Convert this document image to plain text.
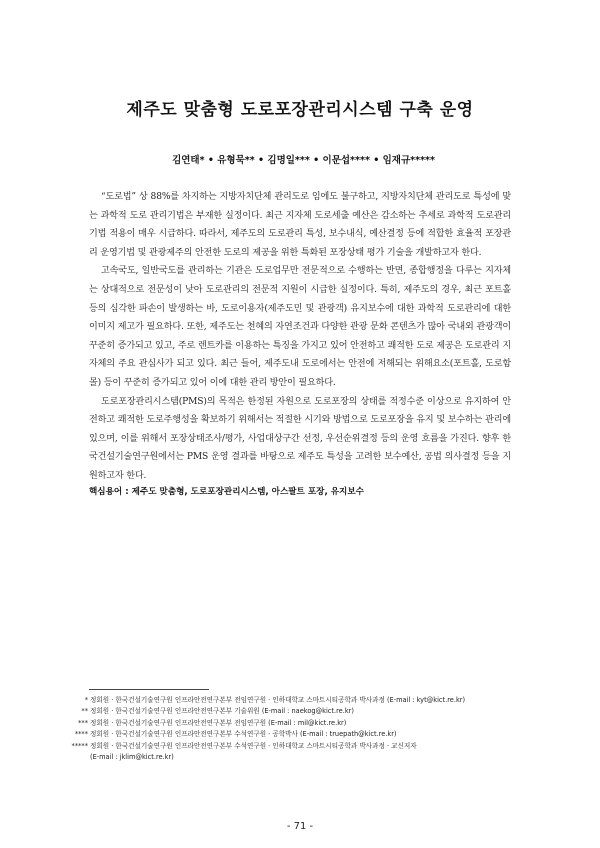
제주도 맞춤형 도로포장관리시스템 구축 운영
김연태* • 유형묵** • 김명일*** • 이문섭**** • 임재규*****

“도로법” 상 88%를 차지하는 지방자치단체 관리도로 임에도 불구하고, 지방자치단체 관리도로 특성에 맞는 과학적 도로 관리기법은 부재한 실정이다. 최근 지자체 도로세출 예산은 감소하는 추세로 과학적 도로관리 기법 적용이 매우 시급하다. 따라서, 제주도의 도로관리 특성, 보수내식, 예산결정 등에 적합한 효율적 포장관리 운영기법 및 관광제주의 안전한 도로의 제공을 위한 특화된 포장상태 평가 기술을 개발하고자 한다.

고속국도, 일반국도를 관리하는 기관은 도로업무만 전문적으로 수행하는 반면, 종합행정을 다루는 지자체는 상대적으로 전문성이 낮아 도로관리의 전문적 지원이 시급한 실정이다. 특히, 제주도의 경우, 최근 포트홀 등의 심각한 파손이 발생하는 바, 도로이용자(제주도민 및 관광객) 유지보수에 대한 과학적 도로관리에 대한 이미지 제고가 필요하다. 또한, 제주도는 천혜의 자연조건과 다양한 관광 문화 콘텐츠가 많아 국내외 관광객이 꾸준히 증가되고 있고, 주로 렌트카를 이용하는 특징을 가지고 있어 안전하고 쾌적한 도로 제공은 도로관리 지자체의 주요 관심사가 되고 있다. 최근 들어, 제주도내 도로에서는 안전에 저해되는 위해요소(포트홀, 도로함몰) 등이 꾸준히 증가되고 있어 이에 대한 관리 방안이 필요하다.

도로포장관리시스템(PMS)의 목적은 한정된 자원으로 도로포장의 상태를 적정수준 이상으로 유지하여 안전하고 쾌적한 도로주행성을 확보하기 위해서는 적절한 시기와 방법으로 도로포장을 유지 및 보수하는 관리에 있으며, 이를 위해서 포장상태조사/평가, 사업대상구간 선정, 우선순위결정 등의 운영 흐름을 가진다. 향후 한국건설기술연구원에서는 PMS 운영 결과를 바탕으로 제주도 특성을 고려한 보수예산, 공법 의사결정 등을 지원하고자 한다.

핵심용어 : 제주도 맞춤형, 도로포장관리시스템, 아스팔트 포장, 유지보수
* 정회원 · 한국건설기술연구원 인프라안전연구본부 전임연구원 · 인하대학교 스마트시티공학과 박사과정 (E-mail : kyt@kict.re.kr)
** 정회원 · 한국건설기술연구원 인프라안전연구본부 기술위원 (E-mail : naekog@kict.re.kr)
*** 정회원 · 한국건설기술연구원 인프라안전연구본부 전임연구원 (E-mail : mil@kict.re.kr)
**** 정회원 · 한국건설기술연구원 인프라안전연구본부 수석연구원 · 공학박사 (E-mail : truepath@kict.re.kr)
***** 정회원 · 한국건설기술연구원 인프라안전연구본부 수석연구원 · 인하대학교 스마트시티공학과 박사과정 · 교신저자
(E-mail : jklim@kict.re.kr)
- 71 -
